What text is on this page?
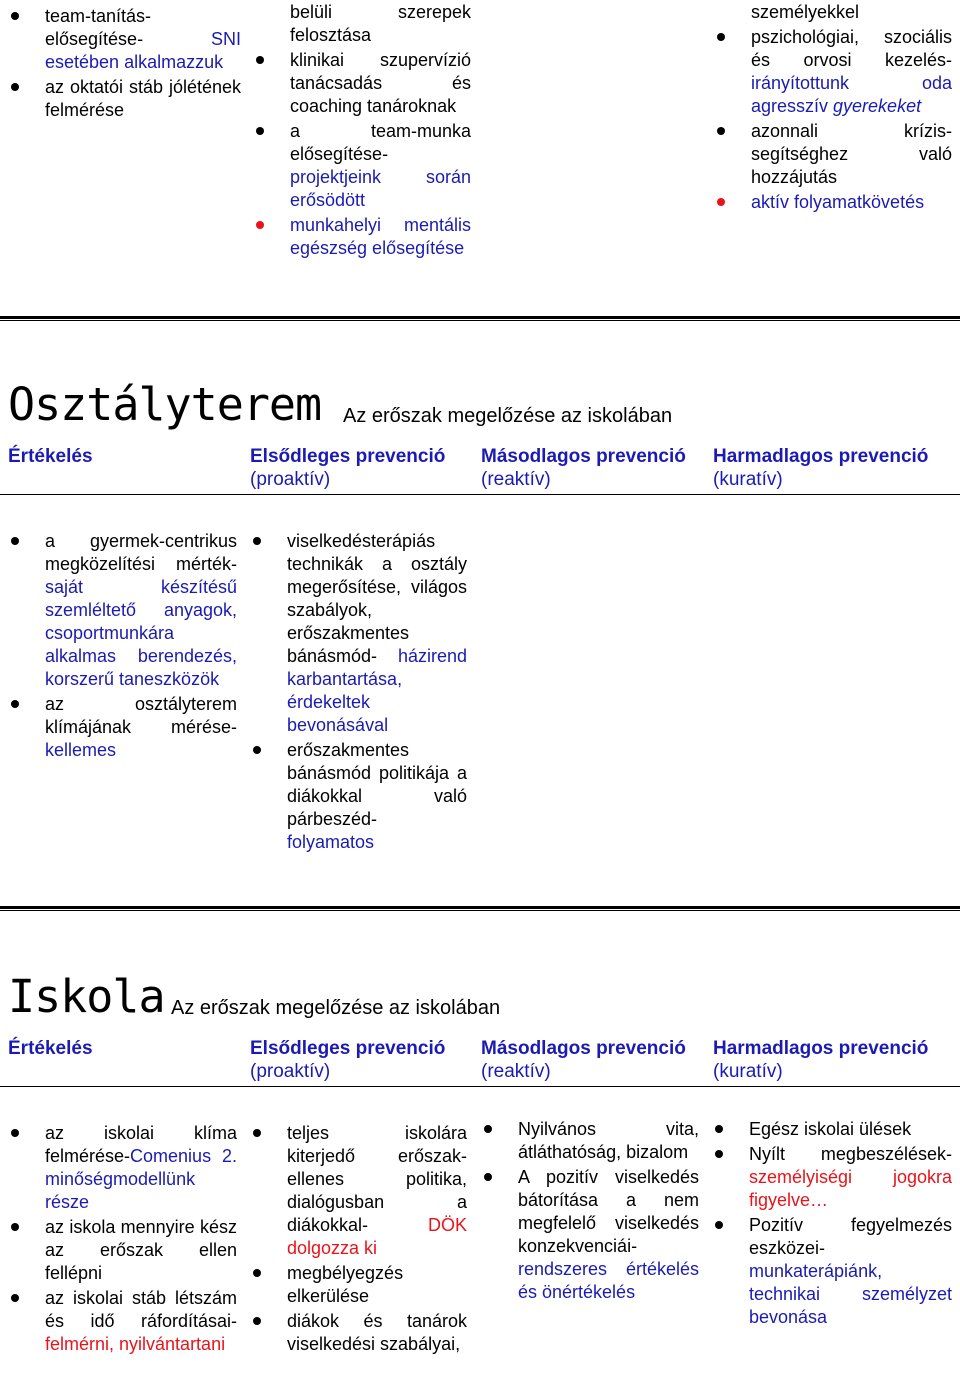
team-tanítás-elősegítése- SNI esetében alkalmazzuk
az oktatói stáb jólétének felmérése
belüli szerepek felosztása
klinikai szupervízió tanácsadás és coaching tanároknak
a team-munka elősegítése- projektjeink során erősödött
munkahelyi mentális egészség elősegítése
személyekkel
pszichológiai, szociális és orvosi kezelés- irányítottunk oda agresszív gyerekeket
azonnali krízis-segítséghez való hozzájutás
aktív folyamatkövetés
Osztályterem Az erőszak megelőzése az iskolában
Értékelés	Elsődleges prevenció
(proaktív)
Másodlagos prevenció
(reaktív)
Harmadlagos prevenció
(kuratív)
a gyermek-centrikus megközelítési mérték- saját készítésű szemléltető anyagok, csoportmunkára alkalmas berendezés, korszerű taneszközök
az osztályterem klímájának mérése- kellemes
viselkedésterápiás technikák a osztály megerősítése, világos szabályok, erőszakmentes bánásmód- házirend karbantartása, érdekeltek bevonásával
erőszakmentes bánásmód politikája a diákokkal való párbeszéd- folyamatos
Iskola Az erőszak megelőzése az iskolában
Értékelés	Elsődleges prevenció
(proaktív)
Másodlagos prevenció
(reaktív)
Harmadlagos prevenció
(kuratív)
az iskolai klíma felmérése-Comenius 2. minőségmodellünk része
az iskola mennyire kész az erőszak ellen fellépni
az iskolai stáb létszám és idő ráfordításai- felmérni, nyilvántartani
teljes iskolára kiterjedő erőszak-ellenes politika, dialógusban a diákokkal- DÖK dolgozza ki
megbélyegzés elkerülése
diákok és tanárok viselkedési szabályai,
Nyilvános vita, átláthatóság, bizalom
A pozitív viselkedés bátorítása a nem megfelelő viselkedés konzekvenciái- rendszeres értékelés és önértékelés
Egész iskolai ülések
Nyílt megbeszélések- személyiségi jogokra figyelve…
Pozitív fegyelmezés eszközei- munkaterápiánk, technikai személyzet bevonása
